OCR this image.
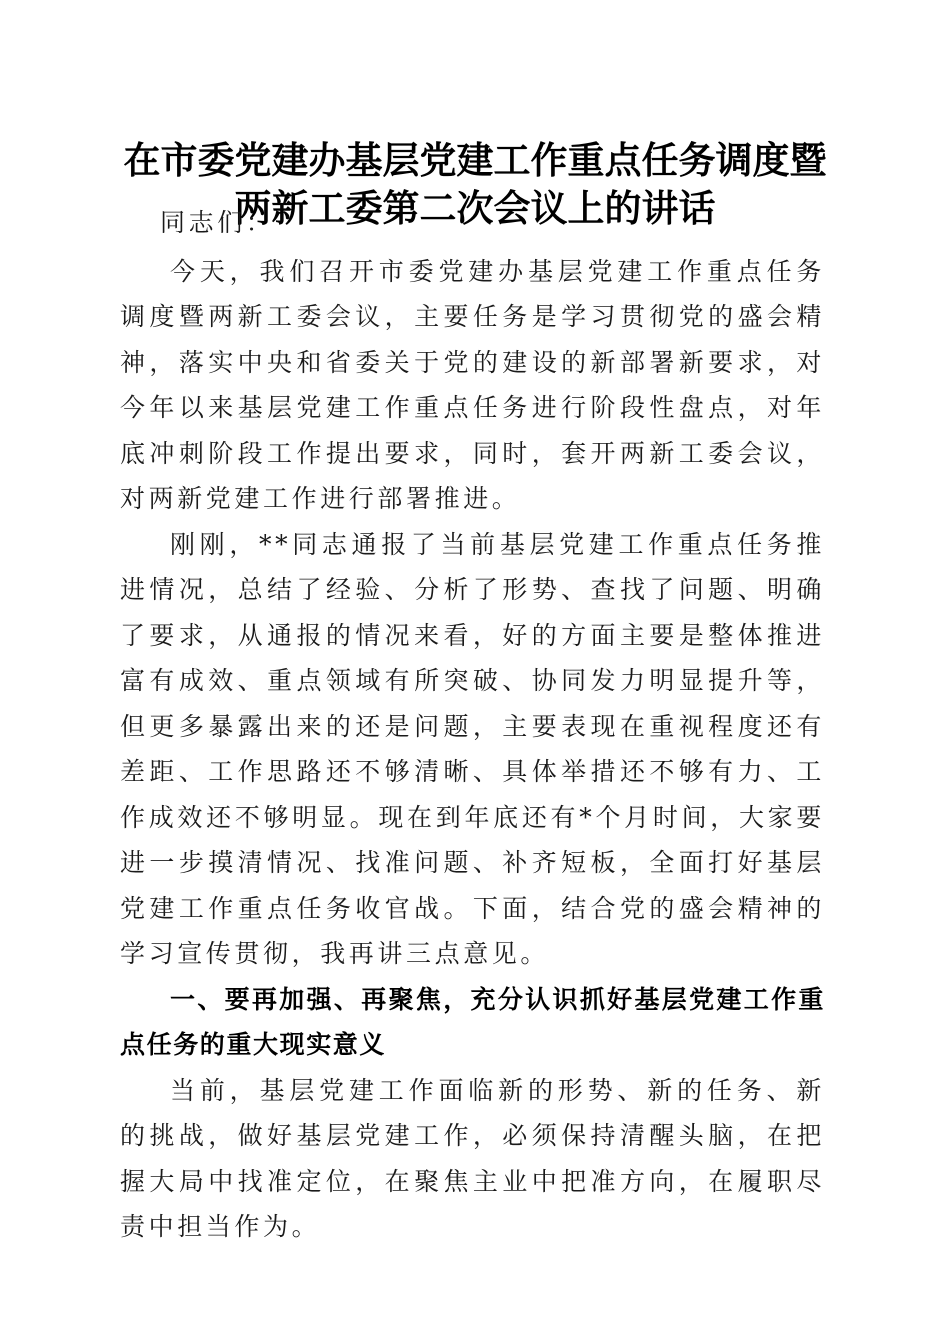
在市委党建办基层党建工作重点任务调度暨两新工委第二次会议上的讲话

同志们：

今天，我们召开市委党建办基层党建工作重点任务调度暨两新工委会议，主要任务是学习贯彻党的盛会精神，落实中央和省委关于党的建设的新部署新要求，对今年以来基层党建工作重点任务进行阶段性盘点，对年底冲刺阶段工作提出要求，同时，套开两新工委会议，对两新党建工作进行部署推进。

刚刚，**同志通报了当前基层党建工作重点任务推进情况，总结了经验、分析了形势、查找了问题、明确了要求，从通报的情况来看，好的方面主要是整体推进富有成效、重点领域有所突破、协同发力明显提升等，但更多暴露出来的还是问题，主要表现在重视程度还有差距、工作思路还不够清晰、具体举措还不够有力、工作成效还不够明显。现在到年底还有*个月时间，大家要进一步摸清情况、找准问题、补齐短板，全面打好基层党建工作重点任务收官战。下面，结合党的盛会精神的学习宣传贯彻，我再讲三点意见。

一、要再加强、再聚焦，充分认识抓好基层党建工作重点任务的重大现实意义

当前，基层党建工作面临新的形势、新的任务、新的挑战，做好基层党建工作，必须保持清醒头脑，在把握大局中找准定位，在聚焦主业中把准方向，在履职尽责中担当作为。
